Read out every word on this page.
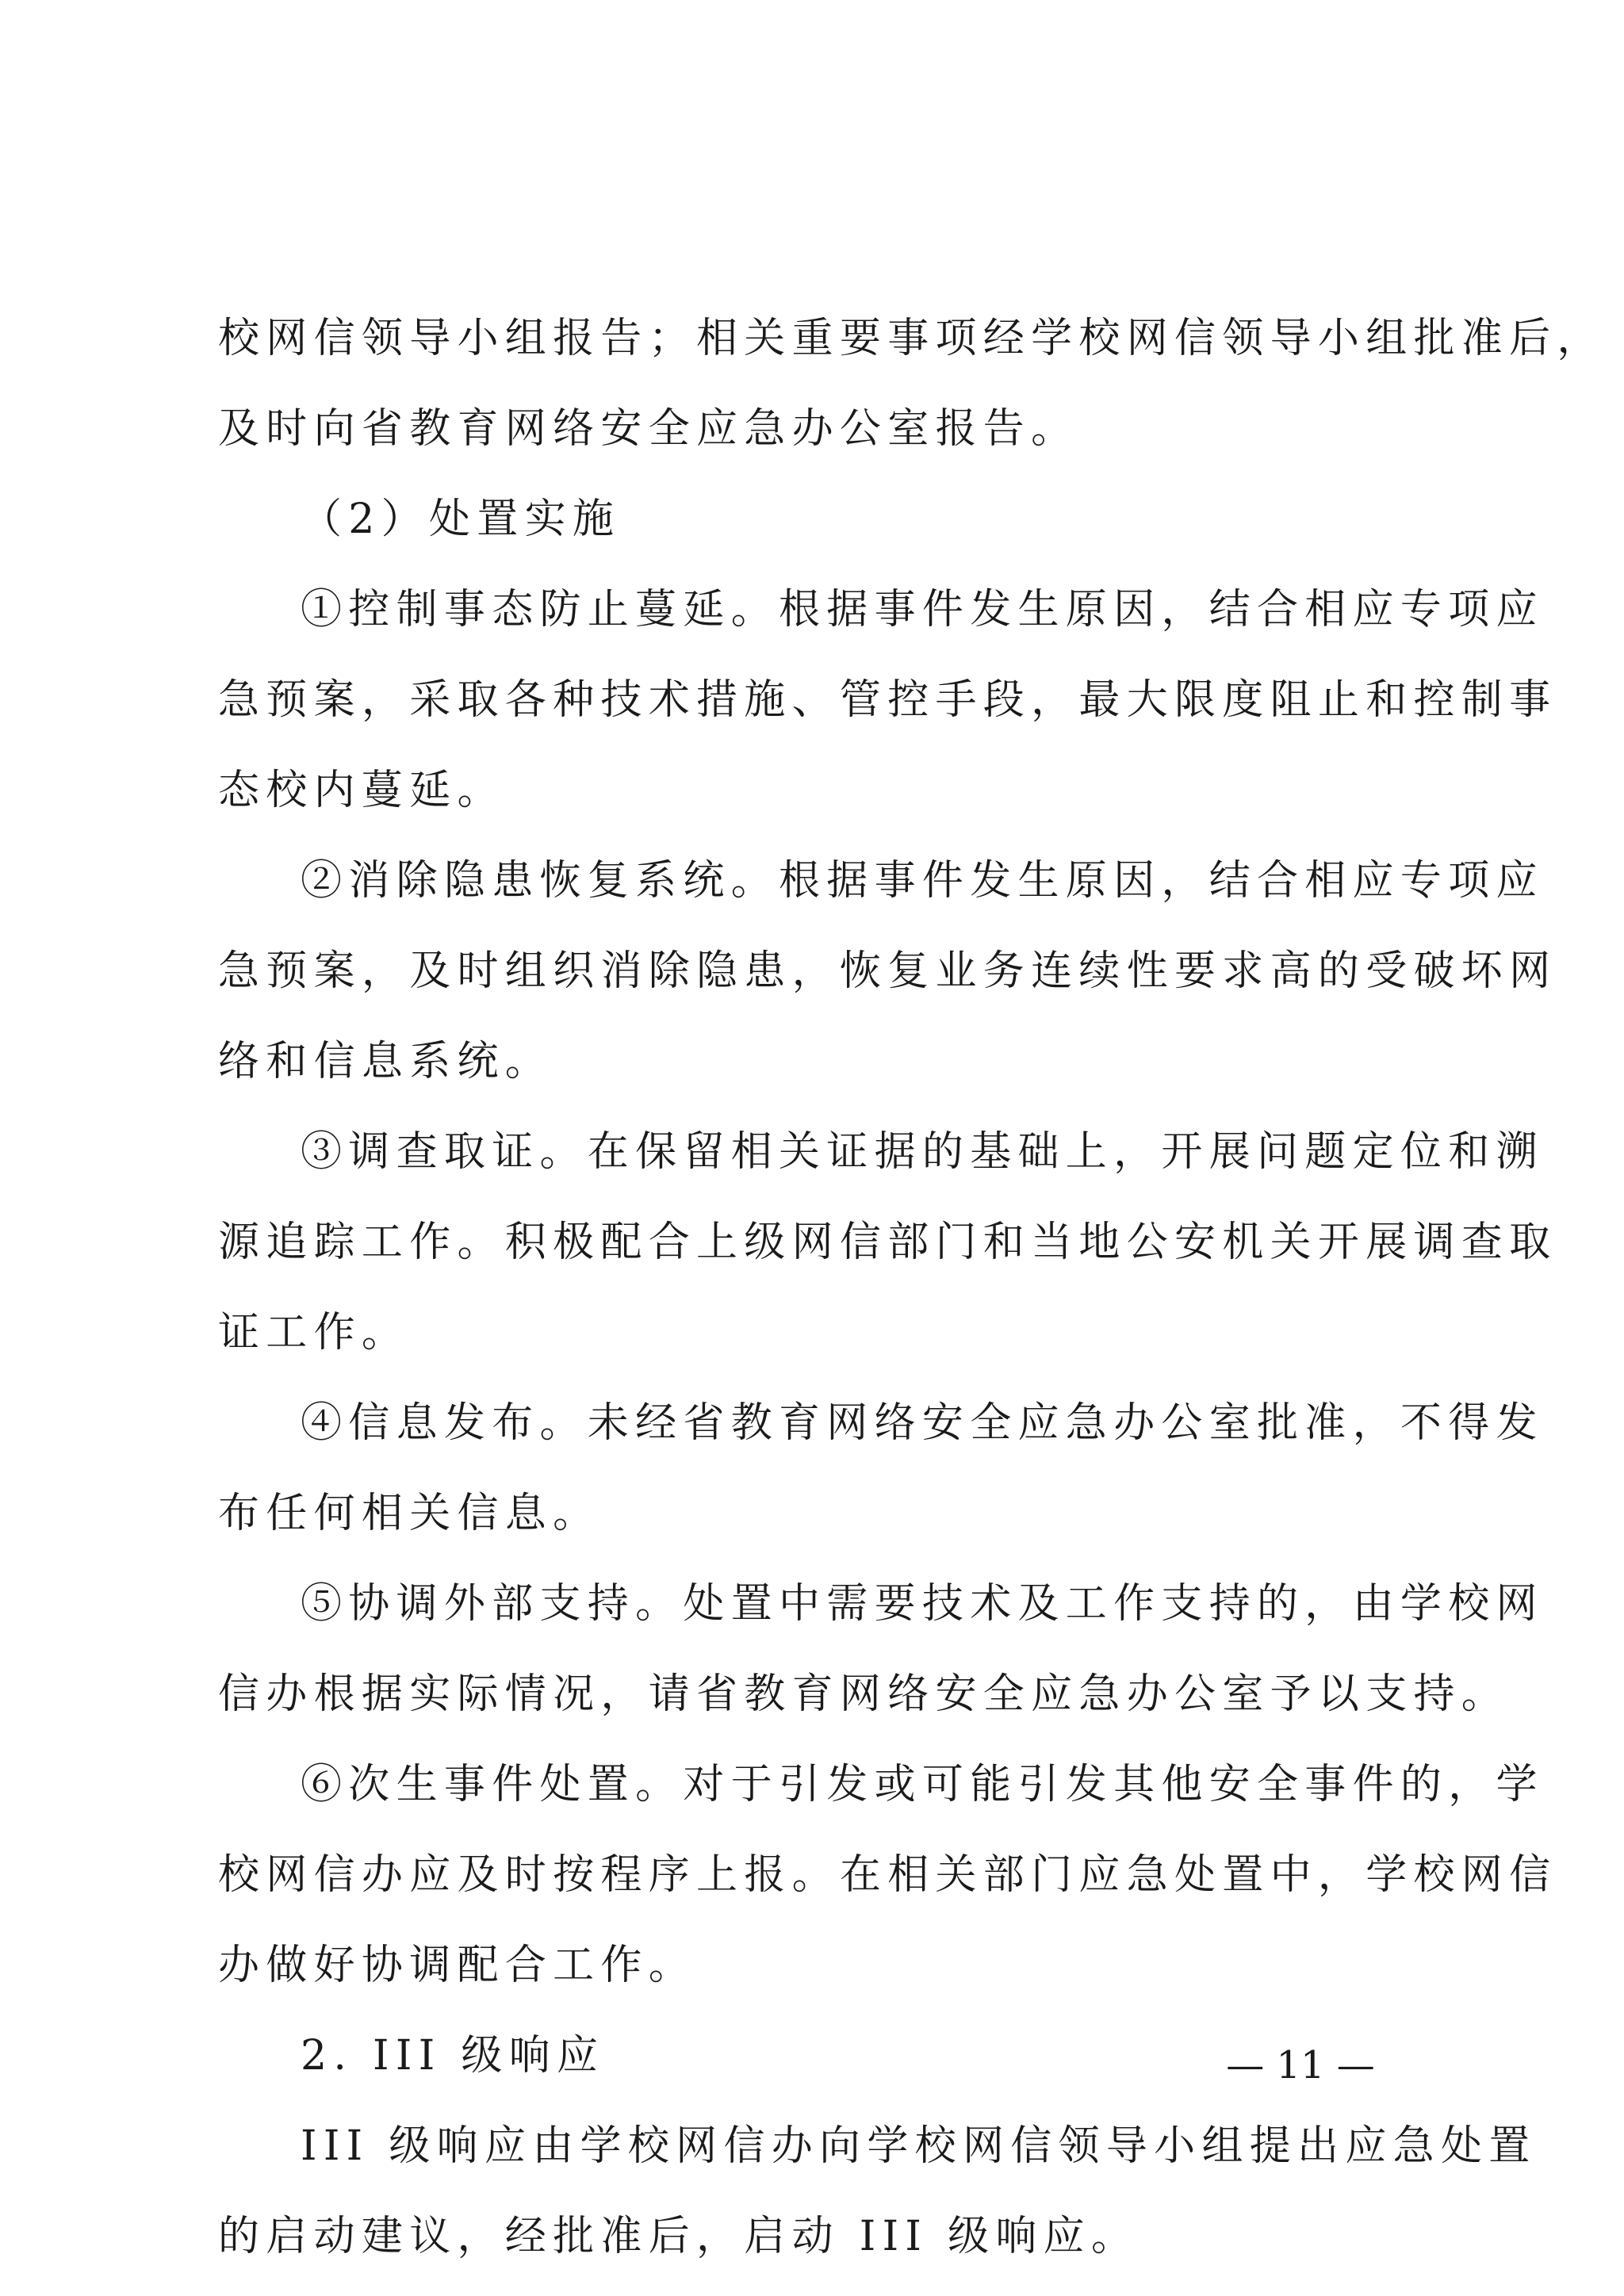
校网信领导小组报告；相关重要事项经学校网信领导小组批准后，
及时向省教育网络安全应急办公室报告。
（2）处置实施
①控制事态防止蔓延。根据事件发生原因，结合相应专项应
急预案，采取各种技术措施、管控手段，最大限度阻止和控制事
态校内蔓延。
②消除隐患恢复系统。根据事件发生原因，结合相应专项应
急预案，及时组织消除隐患，恢复业务连续性要求高的受破坏网
络和信息系统。
③调查取证。在保留相关证据的基础上，开展问题定位和溯
源追踪工作。积极配合上级网信部门和当地公安机关开展调查取
证工作。
④信息发布。未经省教育网络安全应急办公室批准，不得发
布任何相关信息。
⑤协调外部支持。处置中需要技术及工作支持的，由学校网
信办根据实际情况，请省教育网络安全应急办公室予以支持。
⑥次生事件处置。对于引发或可能引发其他安全事件的，学
校网信办应及时按程序上报。在相关部门应急处置中，学校网信
办做好协调配合工作。
2. III 级响应
III 级响应由学校网信办向学校网信领导小组提出应急处置
的启动建议，经批准后，启动 III 级响应。
— 11 —
